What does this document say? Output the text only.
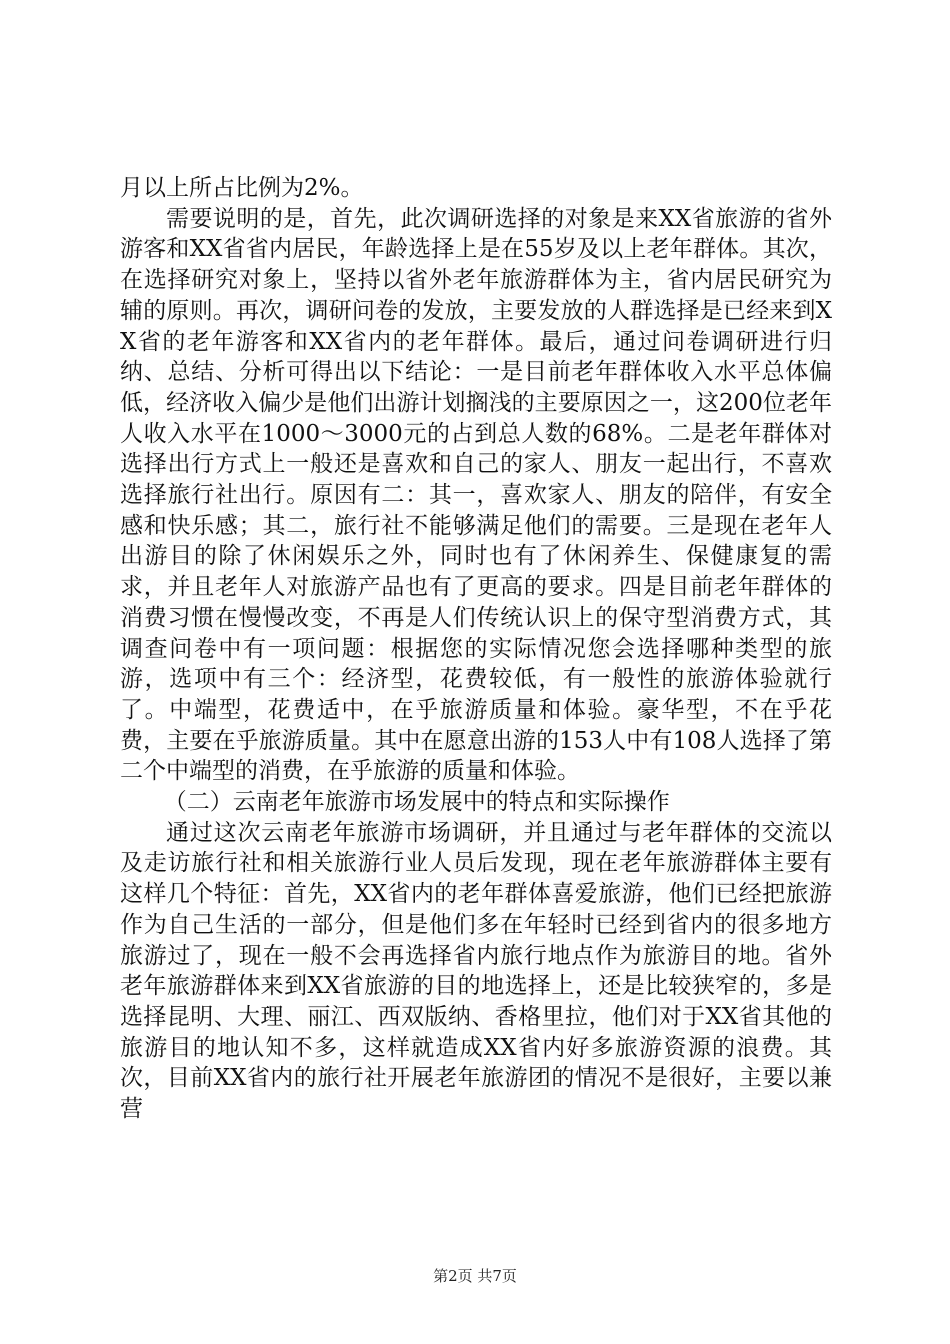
月以上所占比例为2%。

需要说明的是，首先，此次调研选择的对象是来XX省旅游的省外游客和XX省省内居民，年龄选择上是在55岁及以上老年群体。其次，在选择研究对象上，坚持以省外老年旅游群体为主，省内居民研究为辅的原则。再次，调研问卷的发放，主要发放的人群选择是已经来到XX省的老年游客和XX省内的老年群体。最后，通过问卷调研进行归纳、总结、分析可得出以下结论：一是目前老年群体收入水平总体偏低，经济收入偏少是他们出游计划搁浅的主要原因之一，这200位老年人收入水平在1000～3000元的占到总人数的68%。二是老年群体对选择出行方式上一般还是喜欢和自己的家人、朋友一起出行，不喜欢选择旅行社出行。原因有二：其一，喜欢家人、朋友的陪伴，有安全感和快乐感；其二，旅行社不能够满足他们的需要。三是现在老年人出游目的除了休闲娱乐之外，同时也有了休闲养生、保健康复的需求，并且老年人对旅游产品也有了更高的要求。四是目前老年群体的消费习惯在慢慢改变，不再是人们传统认识上的保守型消费方式，其调查问卷中有一项问题：根据您的实际情况您会选择哪种类型的旅游，选项中有三个：经济型，花费较低，有一般性的旅游体验就行了。中端型，花费适中，在乎旅游质量和体验。豪华型，不在乎花费，主要在乎旅游质量。其中在愿意出游的153人中有108人选择了第二个中端型的消费，在乎旅游的质量和体验。

（二）云南老年旅游市场发展中的特点和实际操作

通过这次云南老年旅游市场调研，并且通过与老年群体的交流以及走访旅行社和相关旅游行业人员后发现，现在老年旅游群体主要有这样几个特征：首先，XX省内的老年群体喜爱旅游，他们已经把旅游作为自己生活的一部分，但是他们多在年轻时已经到省内的很多地方旅游过了，现在一般不会再选择省内旅行地点作为旅游目的地。省外老年旅游群体来到XX省旅游的目的地选择上，还是比较狭窄的，多是选择昆明、大理、丽江、西双版纳、香格里拉，他们对于XX省其他的旅游目的地认知不多，这样就造成XX省内好多旅游资源的浪费。其次，目前XX省内的旅行社开展老年旅游团的情况不是很好，主要以兼营

第2页 共7页
